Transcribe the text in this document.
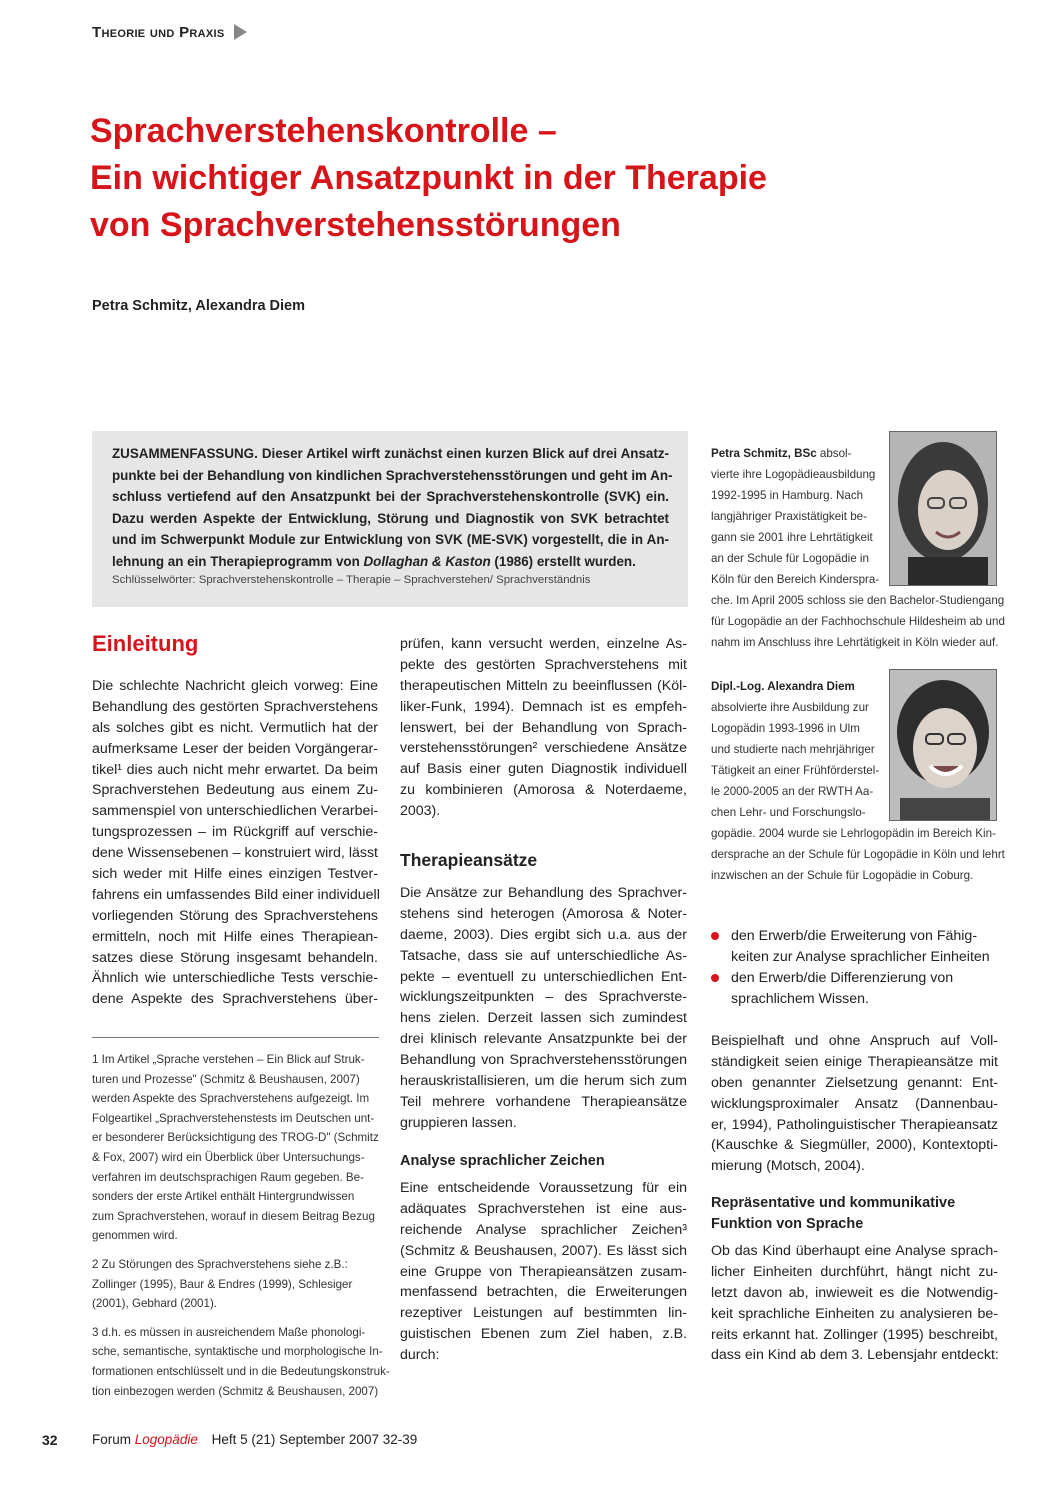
Theorie und Praxis
Sprachverstehenskontrolle –
Ein wichtiger Ansatzpunkt in der Therapie
von Sprachverstehensstörungen
Petra Schmitz, Alexandra Diem
ZUSAMMENFASSUNG. Dieser Artikel wirft zunächst einen kurzen Blick auf drei Ansatz-
punkte bei der Behandlung von kindlichen Sprachverstehensstörungen und geht im An-
schluss vertiefend auf den Ansatzpunkt bei der Sprachverstehenskontrolle (SVK) ein.
Dazu werden Aspekte der Entwicklung, Störung und Diagnostik von SVK betrachtet
und im Schwerpunkt Module zur Entwicklung von SVK (ME-SVK) vorgestellt, die in An-
lehnung an ein Therapieprogramm von Dollaghan & Kaston (1986) erstellt wurden.
Schlüsselwörter: Sprachverstehenskontrolle – Therapie – Sprachverstehen/ Sprachverständnis
Petra Schmitz, BSc absol-
vierte ihre Logopädieausbildung
1992-1995 in Hamburg. Nach
langjähriger Praxistätigkeit be-
gann sie 2001 ihre Lehrtätigkeit
an der Schule für Logopädie in
Köln für den Bereich Kinderspra-
che. Im April 2005 schloss sie den Bachelor-Studiengang
für Logopädie an der Fachhochschule Hildesheim ab und
nahm im Anschluss ihre Lehrtätigkeit in Köln wieder auf.
Dipl.-Log. Alexandra Diem
absolvierte ihre Ausbildung zur
Logopädin 1993-1996 in Ulm
und studierte nach mehrjähriger
Tätigkeit an einer Frühförderstel-
le 2000-2005 an der RWTH Aa-
chen Lehr- und Forschungslo-
gopädie. 2004 wurde sie Lehrlogopädin im Bereich Kin-
dersprache an der Schule für Logopädie in Köln und lehrt
inzwischen an der Schule für Logopädie in Coburg.
Einleitung
Die schlechte Nachricht gleich vorweg: Eine
Behandlung des gestörten Sprachverstehens
als solches gibt es nicht. Vermutlich hat der
aufmerksame Leser der beiden Vorgängerar-
tikel¹ dies auch nicht mehr erwartet. Da beim
Sprachverstehen Bedeutung aus einem Zu-
sammenspiel von unterschiedlichen Verarbei-
tungsprozessen – im Rückgriff auf verschie-
dene Wissensebenen – konstruiert wird, lässt
sich weder mit Hilfe eines einzigen Testver-
fahrens ein umfassendes Bild einer individuell
vorliegenden Störung des Sprachverstehens
ermitteln, noch mit Hilfe eines Therapiean-
satzes diese Störung insgesamt behandeln.
Ähnlich wie unterschiedliche Tests verschie-
dene Aspekte des Sprachverstehens über-
1 Im Artikel „Sprache verstehen – Ein Blick auf Struk-
turen und Prozesse" (Schmitz & Beushausen, 2007)
werden Aspekte des Sprachverstehens aufgezeigt. Im
Folgeartikel „Sprachverstehenstests im Deutschen unt-
er besonderer Berücksichtigung des TROG-D" (Schmitz
& Fox, 2007) wird ein Überblick über Untersuchungs-
verfahren im deutschsprachigen Raum gegeben. Be-
sonders der erste Artikel enthält Hintergrundwissen
zum Sprachverstehen, worauf in diesem Beitrag Bezug
genommen wird.
2 Zu Störungen des Sprachverstehens siehe z.B.:
Zollinger (1995), Baur & Endres (1999), Schlesiger
(2001), Gebhard (2001).
3 d.h. es müssen in ausreichendem Maße phonologi-
sche, semantische, syntaktische und morphologische In-
formationen entschlüsselt und in die Bedeutungskonstruk-
tion einbezogen werden (Schmitz & Beushausen, 2007)
prüfen, kann versucht werden, einzelne As-
pekte des gestörten Sprachverstehens mit
therapeutischen Mitteln zu beeinflussen (Köl-
liker-Funk, 1994). Demnach ist es empfeh-
lenswert, bei der Behandlung von Sprach-
verstehensstörungen² verschiedene Ansätze
auf Basis einer guten Diagnostik individuell
zu kombinieren (Amorosa & Noterdaeme,
2003).
Therapieansätze
Die Ansätze zur Behandlung des Sprachver-
stehens sind heterogen (Amorosa & Noter-
daeme, 2003). Dies ergibt sich u.a. aus der
Tatsache, dass sie auf unterschiedliche As-
pekte – eventuell zu unterschiedlichen Ent-
wicklungszeitpunkten – des Sprachverste-
hens zielen. Derzeit lassen sich zumindest
drei klinisch relevante Ansatzpunkte bei der
Behandlung von Sprachverstehensstörungen
herauskristallisieren, um die herum sich zum
Teil mehrere vorhandene Therapieansätze
gruppieren lassen.
Analyse sprachlicher Zeichen
Eine entscheidende Voraussetzung für ein
adäquates Sprachverstehen ist eine aus-
reichende Analyse sprachlicher Zeichen³
(Schmitz & Beushausen, 2007). Es lässt sich
eine Gruppe von Therapieansätzen zusam-
menfassend betrachten, die Erweiterungen
rezeptiver Leistungen auf bestimmten lin-
guistischen Ebenen zum Ziel haben, z.B.
durch:
den Erwerb/die Erweiterung von Fähig-
keiten zur Analyse sprachlicher Einheiten
den Erwerb/die Differenzierung von
sprachlichem Wissen.
Beispielhaft und ohne Anspruch auf Voll-
ständigkeit seien einige Therapieansätze mit
oben genannter Zielsetzung genannt: Ent-
wicklungsproximaler Ansatz (Dannenbau-
er, 1994), Patholinguistischer Therapieansatz
(Kauschke & Siegmüller, 2000), Kontextopti-
mierung (Motsch, 2004).
Repräsentative und kommunikative
Funktion von Sprache
Ob das Kind überhaupt eine Analyse sprach-
licher Einheiten durchführt, hängt nicht zu-
letzt davon ab, inwieweit es die Notwendig-
keit sprachliche Einheiten zu analysieren be-
reits erkannt hat. Zollinger (1995) beschreibt,
dass ein Kind ab dem 3. Lebensjahr entdeckt:
32	Forum Logopädie Heft 5 (21) September 2007 32-39
